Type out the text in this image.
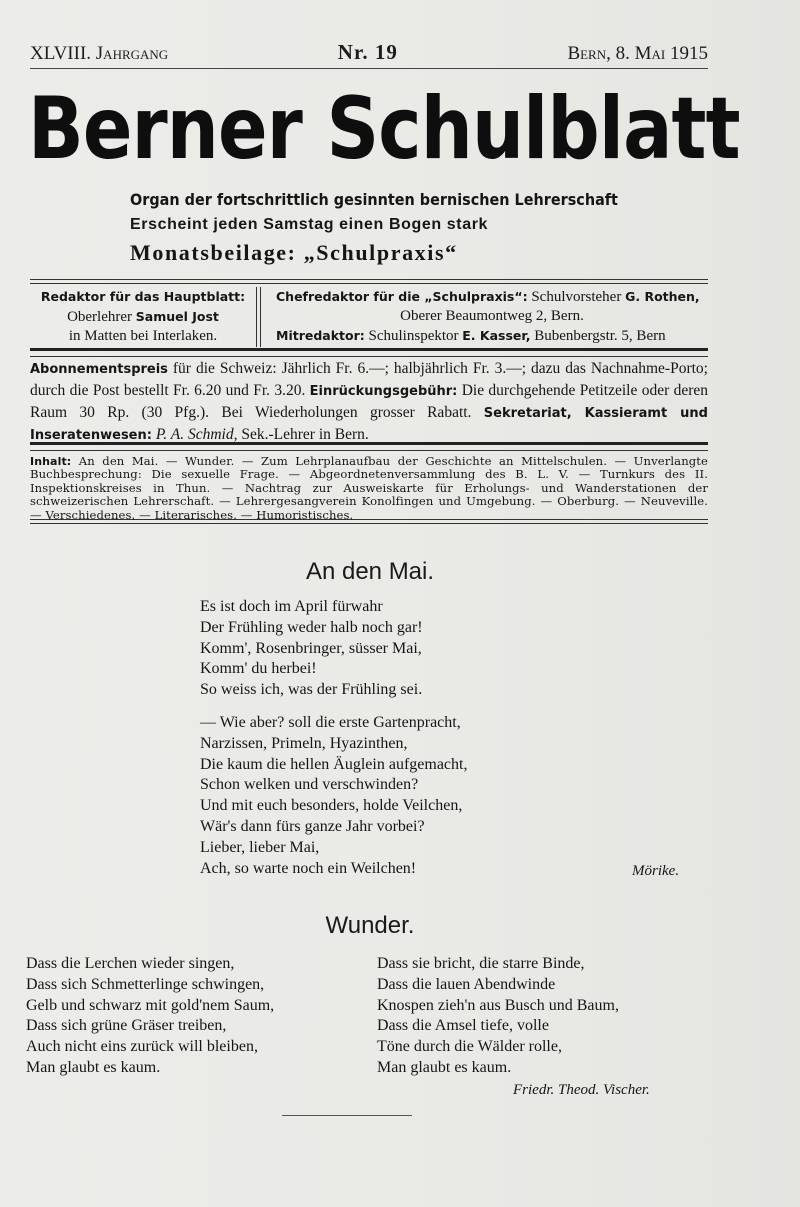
XLVIII. Jahrgang	Nr. 19	Bern, 8. Mai 1915
Berner Schulblatt
Organ der fortschrittlich gesinnten bernischen Lehrerschaft
Erscheint jeden Samstag einen Bogen stark
Monatsbeilage: „Schulpraxis“
Redaktor für das Hauptblatt:
Oberlehrer Samuel Jost
in Matten bei Interlaken.
Chefredaktor für die „Schulpraxis“: Schulvorsteher G. Rothen,
Oberer Beaumontweg 2, Bern.
Mitredaktor: Schulinspektor E. Kasser, Bubenbergstr. 5, Bern
Abonnementspreis für die Schweiz: Jährlich Fr. 6.—; halbjährlich Fr. 3.—; dazu das Nachnahme-Porto; durch die Post bestellt Fr. 6.20 und Fr. 3.20. Einrückungsgebühr: Die durchgehende Petitzeile oder deren Raum 30 Rp. (30 Pfg.). Bei Wiederholungen grosser Rabatt. Sekretariat, Kassieramt und Inseratenwesen: P. A. Schmid, Sek.-Lehrer in Bern.
Inhalt: An den Mai. — Wunder. — Zum Lehrplanaufbau der Geschichte an Mittelschulen. — Unverlangte Buchbesprechung: Die sexuelle Frage. — Abgeordnetenversammlung des B. L. V. — Turnkurs des II. Inspektionskreises in Thun. — Nachtrag zur Ausweiskarte für Erholungs- und Wanderstationen der schweizerischen Lehrerschaft. — Lehrergesangverein Konolfingen und Umgebung. — Oberburg. — Neuveville. — Verschiedenes. — Literarisches. — Humoristisches.
An den Mai.
Es ist doch im April fürwahr
Der Frühling weder halb noch gar!
Komm', Rosenbringer, süsser Mai,
Komm' du herbei!
So weiss ich, was der Frühling sei.
— Wie aber? soll die erste Gartenpracht,
Narzissen, Primeln, Hyazinthen,
Die kaum die hellen Äuglein aufgemacht,
Schon welken und verschwinden?
Und mit euch besonders, holde Veilchen,
Wär's dann fürs ganze Jahr vorbei?
Lieber, lieber Mai,
Ach, so warte noch ein Weilchen!	Mörike.
Wunder.
Dass die Lerchen wieder singen,
Dass sich Schmetterlinge schwingen,
Gelb und schwarz mit gold'nem Saum,
Dass sich grüne Gräser treiben,
Auch nicht eins zurück will bleiben,
Man glaubt es kaum.
Dass sie bricht, die starre Binde,
Dass die lauen Abendwinde
Knospen zieh'n aus Busch und Baum,
Dass die Amsel tiefe, volle
Töne durch die Wälder rolle,
Man glaubt es kaum.
Friedr. Theod. Vischer.
